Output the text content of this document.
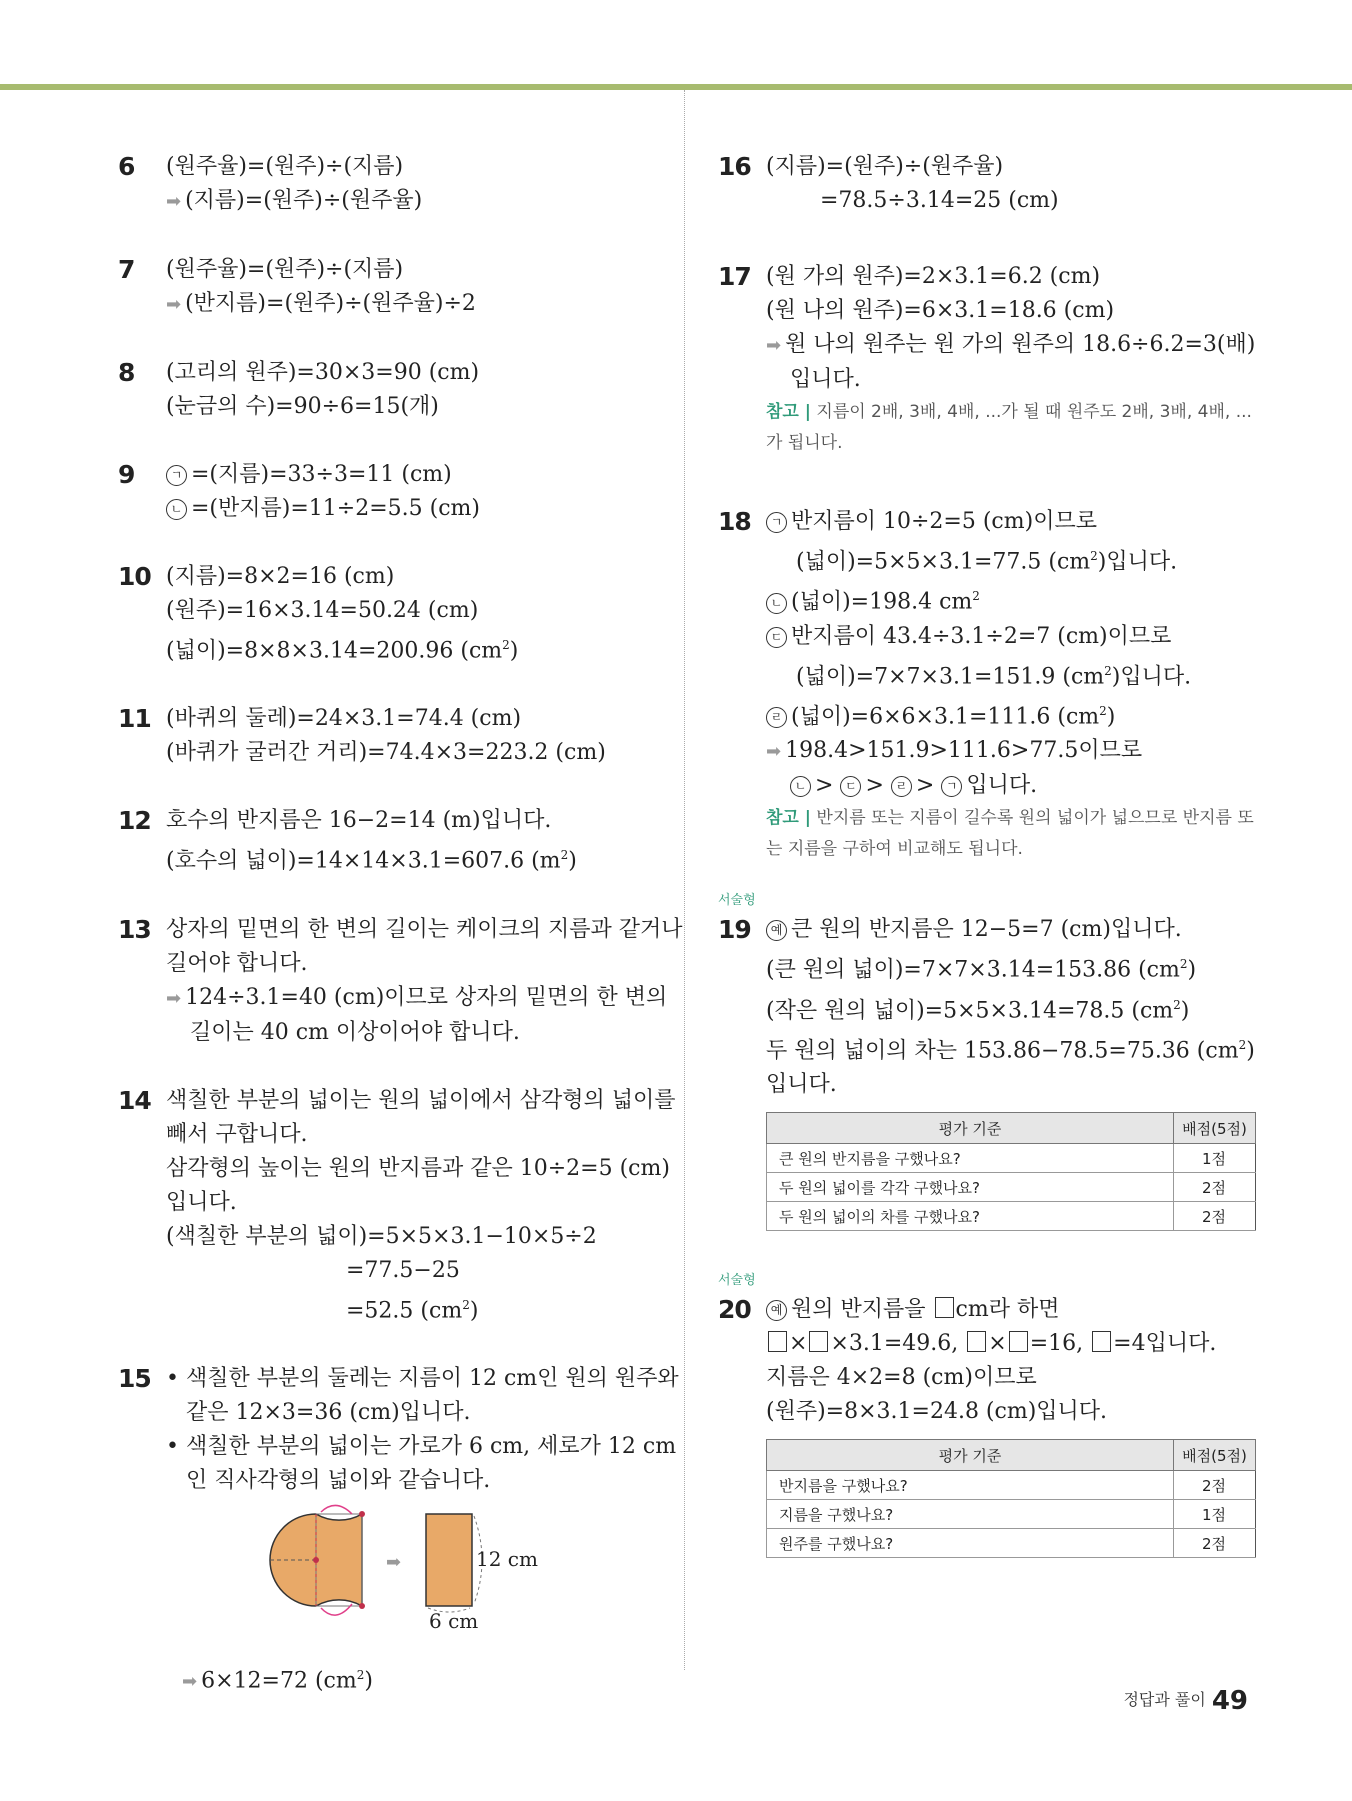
6 (원주율)=(원주)÷(지름)
➡ (지름)=(원주)÷(원주율)
7 (원주율)=(원주)÷(지름)
➡ (반지름)=(원주)÷(원주율)÷2
8 (고리의 원주)=30×3=90 (cm)
(눈금의 수)=90÷6=15(개)
9	ㄱ =(지름)=33÷3=11 (cm)
ㄴ =(반지름)=11÷2=5.5 (cm)
10 (지름)=8×2=16 (cm)
(원주)=16×3.14=50.24 (cm)
(넓이)=8×8×3.14=200.96 $(cm^2)$
11 (바퀴의 둘레)=24×3.1=74.4 (cm)
(바퀴가 굴러간 거리)=74.4×3=223.2 (cm)
12 호수의 반지름은 16−2=14 (m)입니다.
(호수의 넓이)=14×14×3.1=607.6 $(m^2)$
13 상자의 밑면의 한 변의 길이는 케이크의 지름과 같거나
길어야 합니다.
➡ 124÷3.1=40 (cm)이므로 상자의 밑면의 한 변의
길이는 40 cm 이상이어야 합니다.
14 색칠한 부분의 넓이는 원의 넓이에서 삼각형의 넓이를
빼서 구합니다.
삼각형의 높이는 원의 반지름과 같은 10÷2=5 (cm)
입니다.
(색칠한 부분의 넓이)=5×5×3.1−10×5÷2
=77.5−25
=52.5 $(cm^2)$
15 • 색칠한 부분의 둘레는 지름이 12 cm인 원의 원주와
같은 12×3=36 (cm)입니다.
• 색칠한 부분의 넓이는 가로가 6 cm, 세로가 12 cm
인 직사각형의 넓이와 같습니다.
➡	12 cm
6 cm
➡ 6×12=72 $(cm^2)$
16 (지름)=(원주)÷(원주율)
=78.5÷3.14=25 (cm)
17 (원 가의 원주)=2×3.1=6.2 (cm)
(원 나의 원주)=6×3.1=18.6 (cm)
➡ 원 나의 원주는 원 가의 원주의 18.6÷6.2=3(배)
입니다.
참고 | 지름이 2배, 3배, 4배, ...가 될 때 원주도 2배, 3배, 4배, ...가 됩니다.
18	ㄱ 반지름이 10÷2=5 (cm)이므로
(넓이)=5×5×3.1=77.5 $(cm^2)$입니다.
ㄴ (넓이)=198.4 $cm^2$
ㄷ 반지름이 43.4÷3.1÷2=7 (cm)이므로
(넓이)=7×7×3.1=151.9 $(cm^2)$입니다.
ㄹ (넓이)=6×6×3.1=111.6 $(cm^2)$
➡ 198.4>151.9>111.6>77.5이므로
ㄴ > ㄷ > ㄹ > ㄱ 입니다.
참고 | 반지름 또는 지름이 길수록 원의 넓이가 넓으므로 반지름 또는 지름을 구하여 비교해도 됩니다.
서술형
19	예 큰 원의 반지름은 12−5=7 (cm)입니다.
(큰 원의 넓이)=7×7×3.14=153.86 $(cm^2)$
(작은 원의 넓이)=5×5×3.14=78.5 $(cm^2)$
두 원의 넓이의 차는 153.86−78.5=75.36 $(cm^2)$
입니다.
평가 기준	배점(5점)
큰 원의 반지름을 구했나요?	1점
두 원의 넓이를 각각 구했나요?	2점
두 원의 넓이의 차를 구했나요?	2점
서술형
20	예 원의 반지름을 cm라 하면
× ×3.1=49.6, × =16, =4입니다.
지름은 4×2=8 (cm)이므로
(원주)=8×3.1=24.8 (cm)입니다.
평가 기준	배점(5점)
반지름을 구했나요?	2점
지름을 구했나요?	1점
원주를 구했나요?	2점
정답과 풀이 49
